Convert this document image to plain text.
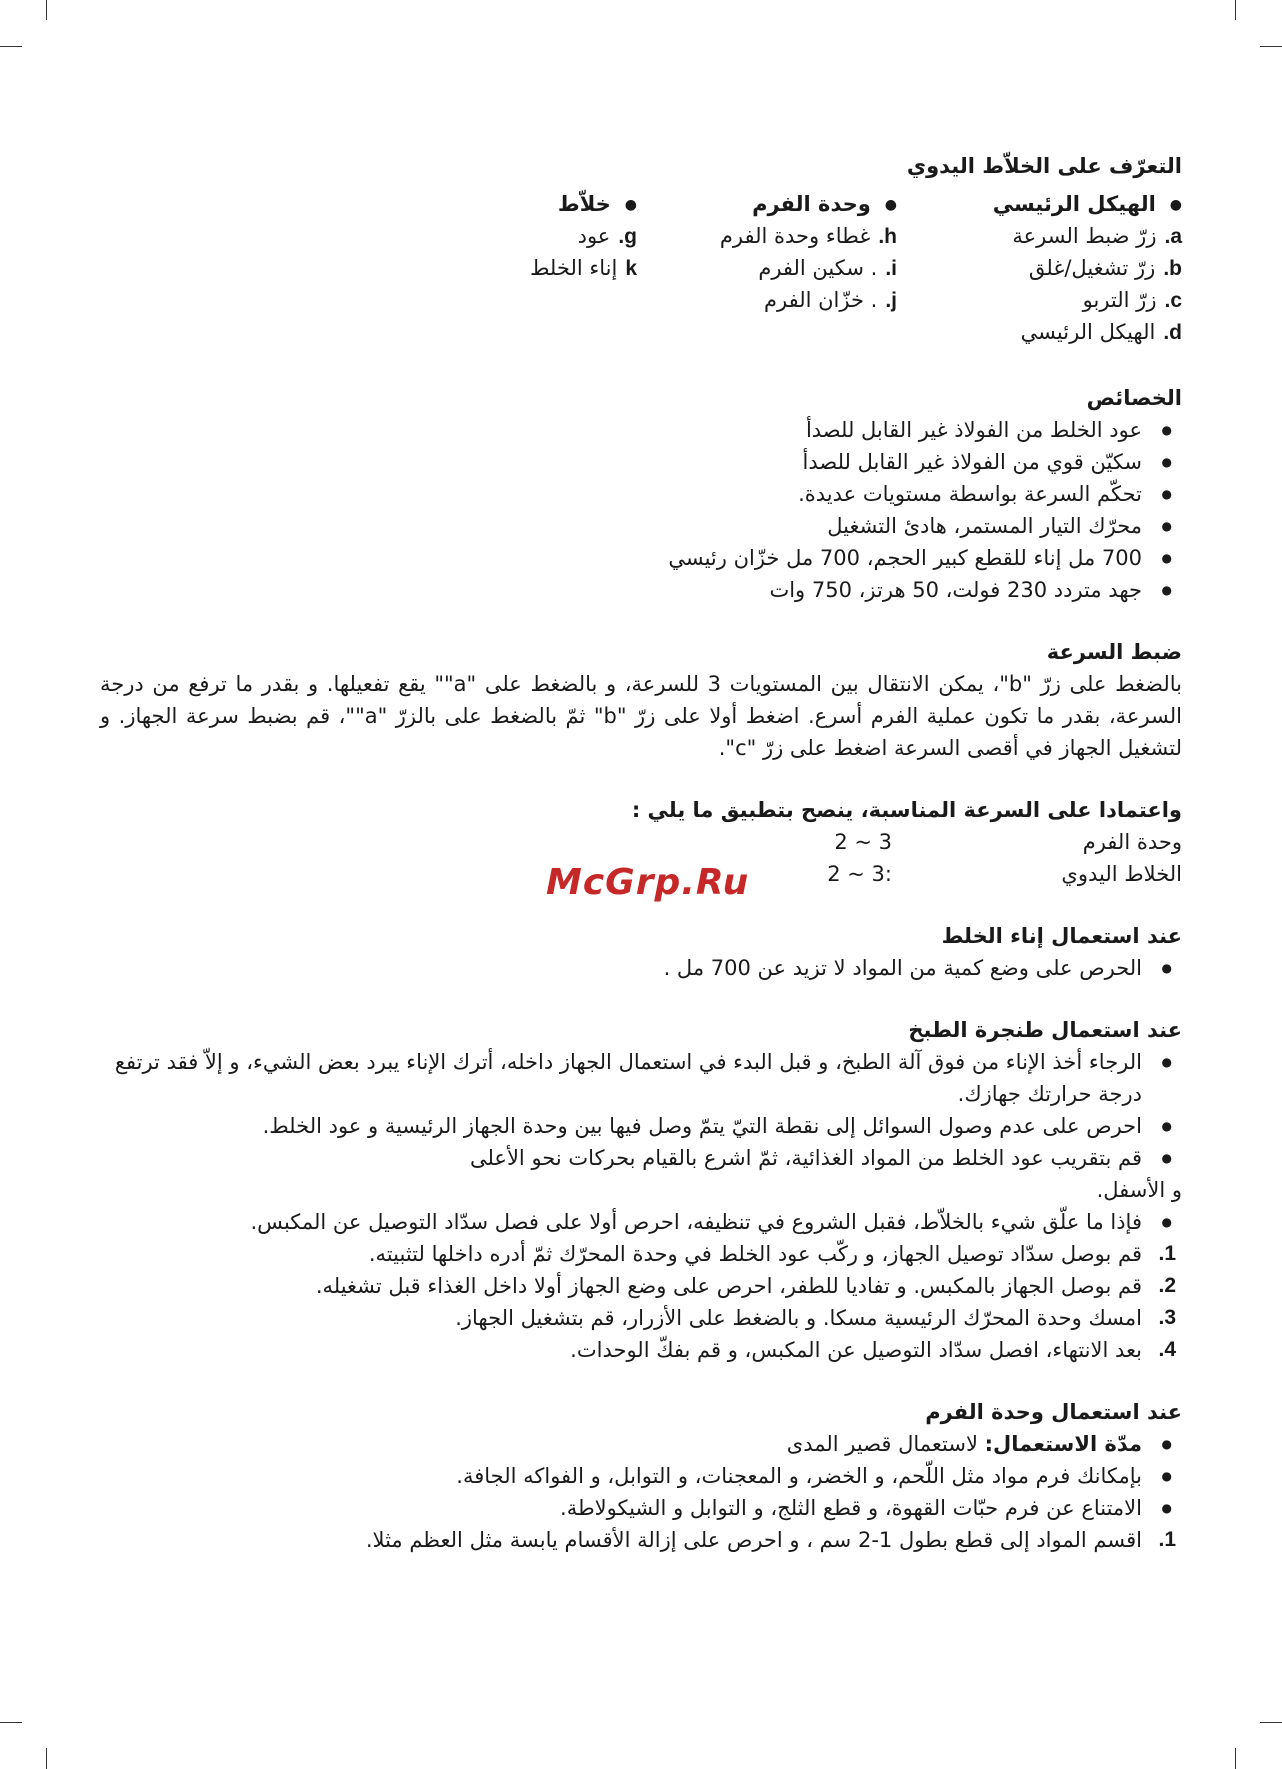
McGrp.Ru
التعرّف على الخلاّط اليدوي
●الهيكل الرئيسي
a.زرّ ضبط السرعة
b.زرّ تشغيل/غلق
c.زرّ التربو
d.الهيكل الرئيسي
●وحدة الفرم
h.غطاء وحدة الفرم
i.. سكين الفرم
j.. خزّان الفرم
●خلاّط
g.عود
kإناء الخلط
الخصائص
● عود الخلط من الفولاذ غير القابل للصدأ
● سكيّن قوي من الفولاذ غير القابل للصدأ
● تحكّم السرعة بواسطة مستويات عديدة.
● محرّك التيار المستمر، هادئ التشغيل
● 700 مل إناء للقطع كبير الحجم، 700 مل خزّان رئيسي
● جهد متردد 230 فولت، 50 هرتز، 750 وات
ضبط السرعة

بالضغط على زرّ "b"، يمكن الانتقال بين المستويات 3 للسرعة، و بالضغط على "a"" يقع تفعيلها. و بقدر ما ترفع من درجة السرعة، بقدر ما تكون عملية الفرم أسرع. اضغط أولا على زرّ "b" ثمّ بالضغط على بالزرّ "a""، قم بضبط سرعة الجهاز. و لتشغيل الجهاز في أقصى السرعة اضغط على زرّ "c".

واعتمادا على السرعة المناسبة، ينصح بتطبيق ما يلي :
وحدة الفرم
2 ~ 3
الخلاط اليدوي
2 ~ 3:
عند استعمال إناء الخلط
● الحرص على وضع كمية من المواد لا تزيد عن 700 مل .
عند استعمال طنجرة الطبخ
● الرجاء أخذ الإناء من فوق آلة الطبخ، و قبل البدء في استعمال الجهاز داخله، أترك الإناء يبرد بعض الشيء، و إلاّ فقد ترتفع درجة حرارتك جهازك.
● احرص على عدم وصول السوائل إلى نقطة التيّ يتمّ وصل فيها بين وحدة الجهاز الرئيسية و عود الخلط.
● قم بتقريب عود الخلط من المواد الغذائية، ثمّ اشرع بالقيام بحركات نحو الأعلى
و الأسفل.
● فإذا ما علّق شيء بالخلاّط، فقبل الشروع في تنظيفه، احرص أولا على فصل سدّاد التوصيل عن المكبس.
1.
قم بوصل سدّاد توصيل الجهاز، و ركّب عود الخلط في وحدة المحرّك ثمّ أدره داخلها لتثبيته.
2.
قم بوصل الجهاز بالمكبس. و تفاديا للطفر، احرص على وضع الجهاز أولا داخل الغذاء قبل تشغيله.
3.
امسك وحدة المحرّك الرئيسية مسكا. و بالضغط على الأزرار، قم بتشغيل الجهاز.
4.
بعد الانتهاء، افصل سدّاد التوصيل عن المكبس، و قم بفكّ الوحدات.
عند استعمال وحدة الفرم
● مدّة الاستعمال: لاستعمال قصير المدى
● بإمكانك فرم مواد مثل اللّحم، و الخضر، و المعجنات، و التوابل، و الفواكه الجافة.
● الامتناع عن فرم حبّات القهوة، و قطع الثلج، و التوابل و الشيكولاطة.
1.
اقسم المواد إلى قطع بطول 1-2 سم ، و احرص على إزالة الأقسام يابسة مثل العظم مثلا.
